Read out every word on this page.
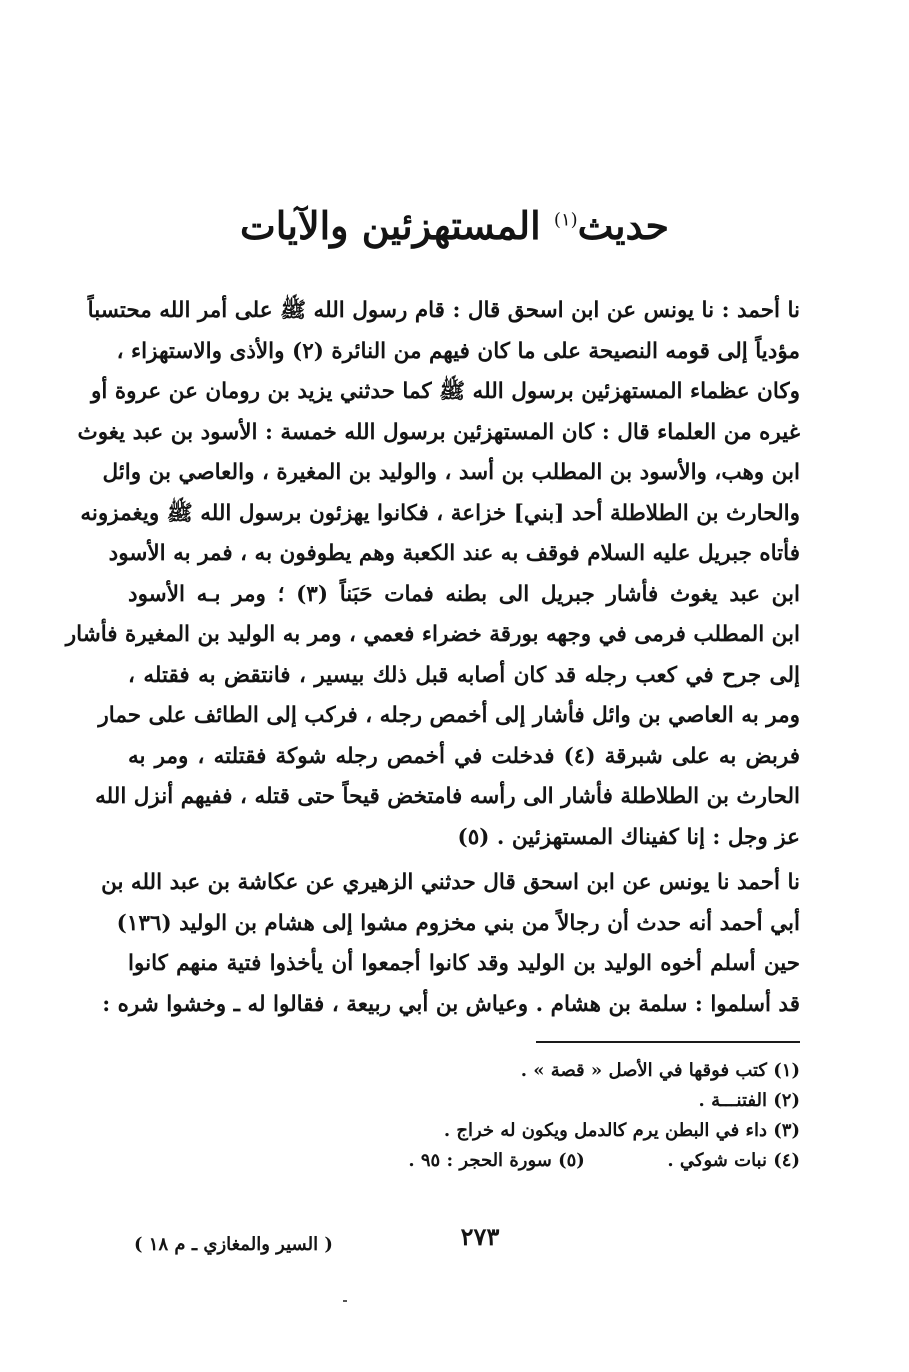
حديث$^{(١)}$ المستهزئين والآيات
نا أحمد : نا يونس عن ابن اسحق قال : قام رسول الله ﷺ على أمر الله محتسباً
مؤدياً إلى قومه النصيحة على ما كان فيهم من النائرة (٢) والأذى والاستهزاء ،
وكان عظماء المستهزئين برسول الله ﷺ كما حدثني يزيد بن رومان عن عروة أو
غيره من العلماء قال : كان المستهزئين برسول الله خمسة : الأسود بن عبد يغوث
ابن وهب، والأسود بن المطلب بن أسد ، والوليد بن المغيرة ، والعاصي بن وائل
والحارث بن الطلاطلة أحد [بني] خزاعة ، فكانوا يهزئون برسول الله ﷺ ويغمزونه
فأتاه جبريل عليه السلام فوقف به عند الكعبة وهم يطوفون به ، فمر به الأسود
ابن عبد يغوث فأشار جبريل الى بطنه فمات حَبَناً (٣) ؛ ومر بـه الأسود
ابن المطلب فرمى في وجهه بورقة خضراء فعمي ، ومر به الوليد بن المغيرة فأشار
إلى جرح في كعب رجله قد كان أصابه قبل ذلك بيسير ، فانتقض به فقتله ،
ومر به العاصي بن وائل فأشار إلى أخمص رجله ، فركب إلى الطائف على حمار
فربض به على شبرقة (٤) فدخلت في أخمص رجله شوكة فقتلته ، ومر به
الحارث بن الطلاطلة فأشار الى رأسه فامتخض قيحاً حتى قتله ، ففيهم أنزل الله
عز وجل : إنا كفيناك المستهزئين . (٥)
نا أحمد نا يونس عن ابن اسحق قال حدثني الزهيري عن عكاشة بن عبد الله بن
أبي أحمد أنه حدث أن رجالاً من بني مخزوم مشوا إلى هشام بن الوليد (١٣٦)
حين أسلم أخوه الوليد بن الوليد وقد كانوا أجمعوا أن يأخذوا فتية منهم كانوا
قد أسلموا : سلمة بن هشام . وعياش بن أبي ربيعة ، فقالوا له ـ وخشوا شره :
(١) كتب فوقها في الأصل « قصة » .
(٢) الفتنـــة .
(٣) داء في البطن يرم كالدمل ويكون له خراج .
(٤) نبات شوكي .  (٥) سورة الحجر : ٩٥ .
٢٧٣
( السير والمغازي ـ م ١٨ )
